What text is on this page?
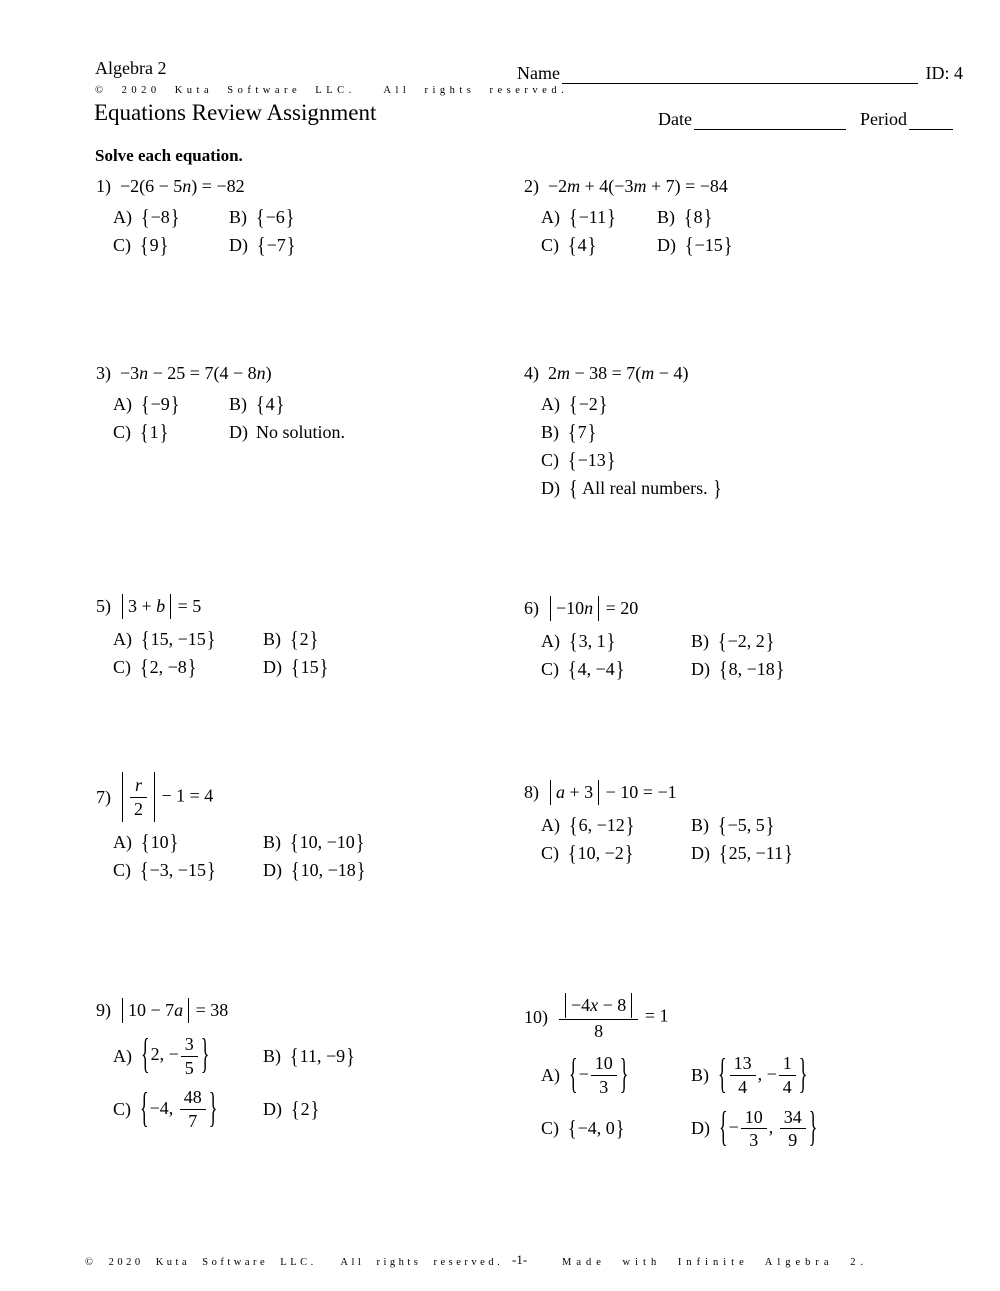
Algebra 2	Name	ID: 4
© 2020 Kuta Software LLC.  All rights reserved.
Equations Review Assignment	Date	Period
Solve each equation.
1) −2(6 − 5n) = −82
A) {−8}	B) {−6}
C) {9}	D) {−7}
2) −2m + 4(−3m + 7) = −84
A) {−11} B) {8}
C) {4}	D) {−15}
3) −3n − 25 = 7(4 − 8n)
A) {−9}	B) {4}
C) {1}	D) No solution.
4) 2m − 38 = 7(m − 4)
A) {−2}
B) {7}
C) {−13}
D) { All real numbers. }
5) 3 + b = 5
A) {15, −15}	B) {2}
C) {2, −8}	D) {15}
6) −10n = 20
A) {3, 1}	B) {−2, 2}
C) {4, −4}	D) {8, −18}
$7) \frac{r}{2} - 1 = 4$
A) {10}	B) {10, −10}
C) {−3, −15}	D) {10, −18}
8) a + 3 − 10 = −1
A) {6, −12}	B) {−5, 5}
C) {10, −2}	D) {25, −11}
9) 10 − 7a = 38
A) {2, − $\frac{3}{5}$ }	B) {11, −9}
C) {−4, $\frac{48}{7}$ }	D) {2}
$10) \frac{-4x - 8}{8} = 1$
A) {− $\frac{10}{3}$ }	B) { $\frac{13}{4}$ , − $\frac{1}{4}$ }
C) {−4, 0}	D) {− $\frac{10}{3}$ , $\frac{34}{9}$ }
© 2020 Kuta Software LLC.  All rights reserved. -1-	Made with Infinite Algebra 2.
